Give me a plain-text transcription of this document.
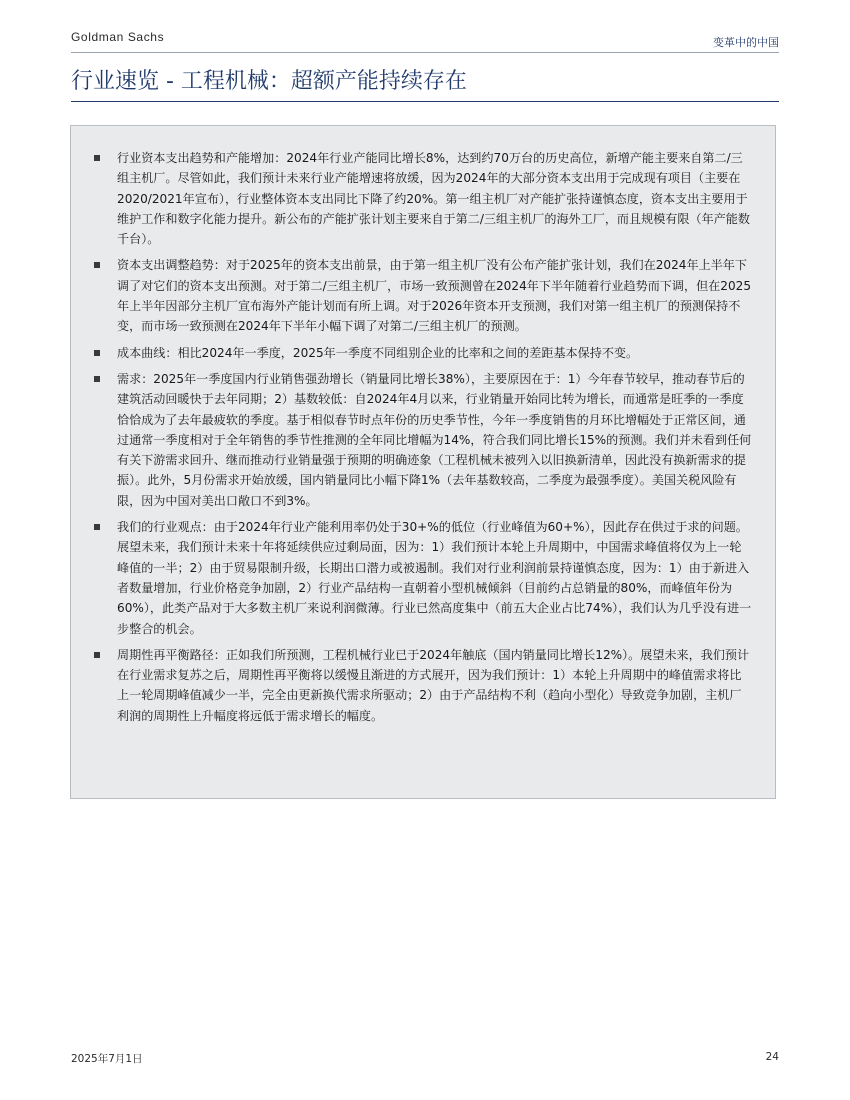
Goldman Sachs	变革中的中国
行业速览 - 工程机械：超额产能持续存在
行业资本支出趋势和产能增加：2024年行业产能同比增长8%，达到约70万台的历史高位，新增产能主要来自第二/三组主机厂。尽管如此，我们预计未来行业产能增速将放缓，因为2024年的大部分资本支出用于完成现有项目（主要在2020/2021年宣布），行业整体资本支出同比下降了约20%。第一组主机厂对产能扩张持谨慎态度，资本支出主要用于维护工作和数字化能力提升。新公布的产能扩张计划主要来自于第二/三组主机厂的海外工厂，而且规模有限（年产能数千台）。
资本支出调整趋势：对于2025年的资本支出前景，由于第一组主机厂没有公布产能扩张计划，我们在2024年上半年下调了对它们的资本支出预测。对于第二/三组主机厂，市场一致预测曾在2024年下半年随着行业趋势而下调，但在2025年上半年因部分主机厂宣布海外产能计划而有所上调。对于2026年资本开支预测，我们对第一组主机厂的预测保持不变，而市场一致预测在2024年下半年小幅下调了对第二/三组主机厂的预测。
成本曲线：相比2024年一季度，2025年一季度不同组别企业的比率和之间的差距基本保持不变。
需求：2025年一季度国内行业销售强劲增长（销量同比增长38%），主要原因在于：1）今年春节较早，推动春节后的建筑活动回暖快于去年同期；2）基数较低：自2024年4月以来，行业销量开始同比转为增长，而通常是旺季的一季度恰恰成为了去年最疲软的季度。基于相似春节时点年份的历史季节性，今年一季度销售的月环比增幅处于正常区间，通过通常一季度相对于全年销售的季节性推测的全年同比增幅为14%，符合我们同比增长15%的预测。我们并未看到任何有关下游需求回升、继而推动行业销量强于预期的明确迹象（工程机械未被列入以旧换新清单，因此没有换新需求的提振）。此外，5月份需求开始放缓，国内销量同比小幅下降1%（去年基数较高，二季度为最强季度）。美国关税风险有限，因为中国对美出口敞口不到3%。
我们的行业观点：由于2024年行业产能利用率仍处于30+%的低位（行业峰值为60+%），因此存在供过于求的问题。展望未来，我们预计未来十年将延续供应过剩局面，因为：1）我们预计本轮上升周期中，中国需求峰值将仅为上一轮峰值的一半；2）由于贸易限制升级，长期出口潜力或被遏制。我们对行业利润前景持谨慎态度，因为：1）由于新进入者数量增加，行业价格竞争加剧，2）行业产品结构一直朝着小型机械倾斜（目前约占总销量的80%，而峰值年份为60%），此类产品对于大多数主机厂来说利润微薄。行业已然高度集中（前五大企业占比74%），我们认为几乎没有进一步整合的机会。
周期性再平衡路径：正如我们所预测，工程机械行业已于2024年触底（国内销量同比增长12%）。展望未来，我们预计在行业需求复苏之后，周期性再平衡将以缓慢且渐进的方式展开，因为我们预计：1）本轮上升周期中的峰值需求将比上一轮周期峰值减少一半，完全由更新换代需求所驱动；2）由于产品结构不利（趋向小型化）导致竞争加剧，主机厂利润的周期性上升幅度将远低于需求增长的幅度。
2025年7月1日	24
